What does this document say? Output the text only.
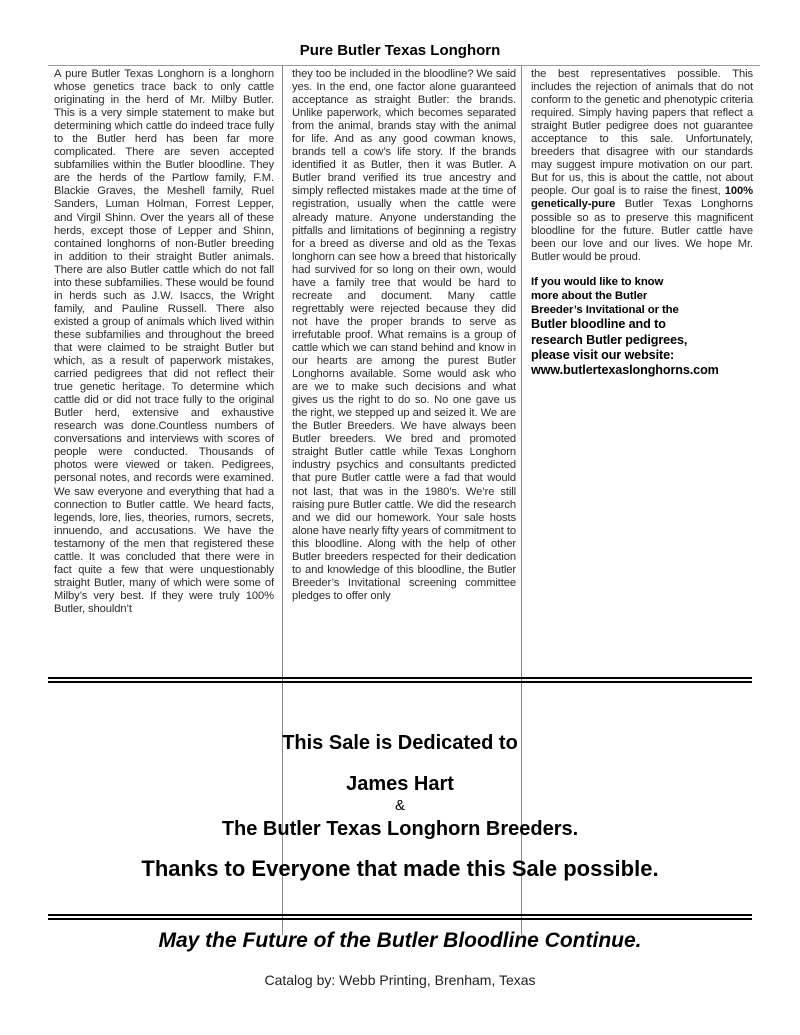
Pure Butler Texas Longhorn
A pure Butler Texas Longhorn is a longhorn whose genetics trace back to only cattle originating in the herd of Mr. Milby Butler. This is a very simple statement to make but determining which cattle do indeed trace fully to the Butler herd has been far more complicated. There are seven accepted subfamilies within the Butler bloodline. They are the herds of the Partlow family, F.M. Blackie Graves, the Meshell family, Ruel Sanders, Luman Holman, Forrest Lepper, and Virgil Shinn. Over the years all of these herds, except those of Lepper and Shinn, contained longhorns of non-Butler breeding in addition to their straight Butler animals. There are also Butler cattle which do not fall into these subfamilies. These would be found in herds such as J.W. Isaccs, the Wright family, and Pauline Russell. There also existed a group of animals which lived within these subfamilies and throughout the breed that were claimed to be straight Butler but which, as a result of paperwork mistakes, carried pedigrees that did not reflect their true genetic heritage. To determine which cattle did or did not trace fully to the original Butler herd, extensive and exhaustive research was done.Countless numbers of conversations and interviews with scores of people were conducted. Thousands of photos were viewed or taken. Pedigrees, personal notes, and records were examined. We saw everyone and everything that had a connection to Butler cattle. We heard facts, legends, lore, lies, theories, rumors, secrets, innuendo, and accusations. We have the testamony of the men that registered these cattle. It was concluded that there were in fact quite a few that were unquestionably straight Butler, many of which were some of Milby’s very best. If they were truly 100% Butler, shouldn’t
they too be included in the bloodline? We said yes. In the end, one factor alone guaranteed acceptance as straight Butler: the brands. Unlike paperwork, which becomes separated from the animal, brands stay with the animal for life. And as any good cowman knows, brands tell a cow’s life story. If the brands identified it as Butler, then it was Butler. A Butler brand verified its true ancestry and simply reflected mistakes made at the time of registration, usually when the cattle were already mature. Anyone understanding the pitfalls and limitations of beginning a registry for a breed as diverse and old as the Texas longhorn can see how a breed that historically had survived for so long on their own, would have a family tree that would be hard to recreate and document. Many cattle regrettably were rejected because they did not have the proper brands to serve as irrefutable proof. What remains is a group of cattle which we can stand behind and know in our hearts are among the purest Butler Longhorns available. Some would ask who are we to make such decisions and what gives us the right to do so. No one gave us the right, we stepped up and seized it. We are the Butler Breeders. We have always been Butler breeders. We bred and promoted straight Butler cattle while Texas Longhorn industry psychics and consultants predicted that pure Butler cattle were a fad that would not last, that was in the 1980’s. We’re still raising pure Butler cattle. We did the research and we did our homework. Your sale hosts alone have nearly fifty years of commitment to this bloodline. Along with the help of other Butler breeders respected for their dedication to and knowledge of this bloodline, the Butler Breeder’s Invitational screening committee pledges to offer only
the best representatives possible. This includes the rejection of animals that do not conform to the genetic and phenotypic criteria required. Simply having papers that reflect a straight Butler pedigree does not guarantee acceptance to this sale. Unfortunately, breeders that disagree with our standards may suggest impure motivation on our part. But for us, this is about the cattle, not about people. Our goal is to raise the finest, 100% genetically-pure Butler Texas Longhorns possible so as to preserve this magnificent bloodline for the future. Butler cattle have been our love and our lives. We hope Mr. Butler would be proud.
If you would like to know
more about the Butler
Breeder’s Invitational or the
Butler bloodline and to
research Butler pedigrees,
please visit our website:
www.butlertexaslonghorns.com
This Sale is Dedicated to
James Hart
&
The Butler Texas Longhorn Breeders.
Thanks to Everyone that made this Sale possible.
May the Future of the Butler Bloodline Continue.
Catalog by: Webb Printing, Brenham, Texas
